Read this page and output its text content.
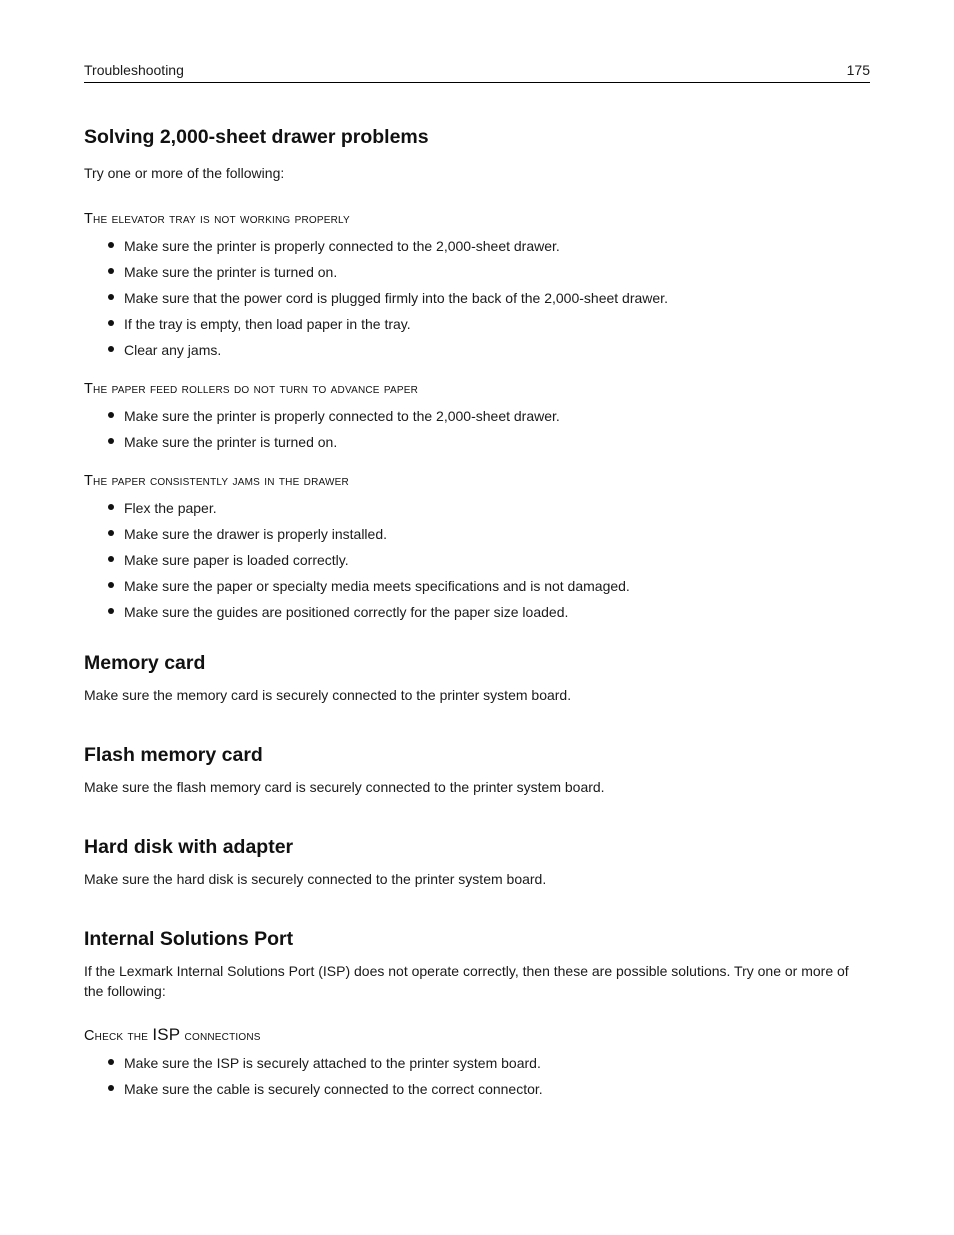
Troubleshooting	175
Solving 2,000-sheet drawer problems

Try one or more of the following:

The elevator tray is not working properly
Make sure the printer is properly connected to the 2,000-sheet drawer.
Make sure the printer is turned on.
Make sure that the power cord is plugged firmly into the back of the 2,000-sheet drawer.
If the tray is empty, then load paper in the tray.
Clear any jams.
The paper feed rollers do not turn to advance paper
Make sure the printer is properly connected to the 2,000-sheet drawer.
Make sure the printer is turned on.
The paper consistently jams in the drawer
Flex the paper.
Make sure the drawer is properly installed.
Make sure paper is loaded correctly.
Make sure the paper or specialty media meets specifications and is not damaged.
Make sure the guides are positioned correctly for the paper size loaded.
Memory card

Make sure the memory card is securely connected to the printer system board.

Flash memory card

Make sure the flash memory card is securely connected to the printer system board.

Hard disk with adapter

Make sure the hard disk is securely connected to the printer system board.

Internal Solutions Port

If the Lexmark Internal Solutions Port (ISP) does not operate correctly, then these are possible solutions. Try one or more of the following:

Check the ISP connections
Make sure the ISP is securely attached to the printer system board.
Make sure the cable is securely connected to the correct connector.
